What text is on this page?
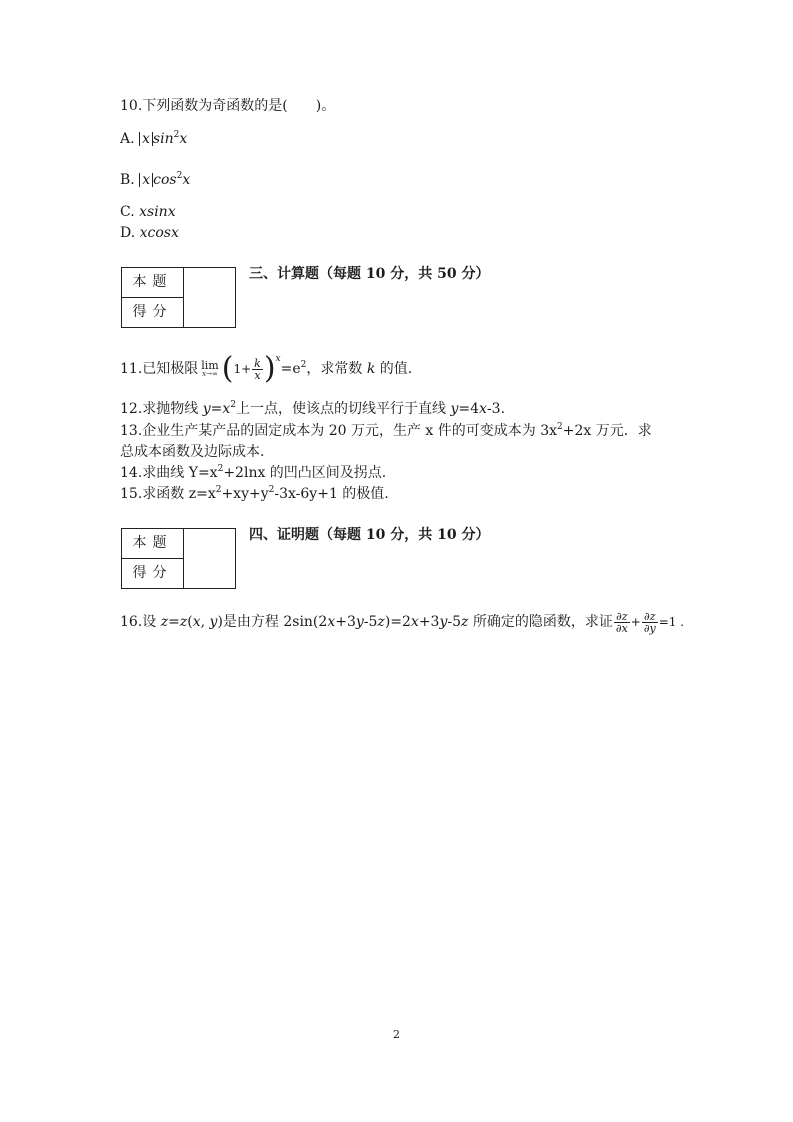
10.下列函数为奇函数的是(　　)。
A. x $\sin^2x$
B. x $\cos^2x$
C. xsinx
D. xcosx
本题
得分
三、计算题（每题 10 分，共 50 分）
11.已知极限 lim
x→∞ $(1+ \frac{k}{x} )^x=e^2$，求常数 k 的值.
12.求抛物线 $y=x^2$上一点，使该点的切线平行于直线 y=4x-3.
13.企业生产某产品的固定成本为 20 万元，生产 x 件的可变成本为 $3x^2+2x$ 万元．求
总成本函数及边际成本.
14.求曲线 $Y=x^2+2\ln x$ 的凹凸区间及拐点.
15.求函数 $z=x^2+xy+y^2-3x-6y+1$ 的极值.
本题
得分
四、证明题（每题 10 分，共 10 分）
16.设 z=z(x, y)是由方程 2sin(2x+3y-5z)=2x+3y-5z 所确定的隐函数，求证 $\frac{\partial z}{\partial x} + \frac{\partial z}{\partial y} =1$ .
2
